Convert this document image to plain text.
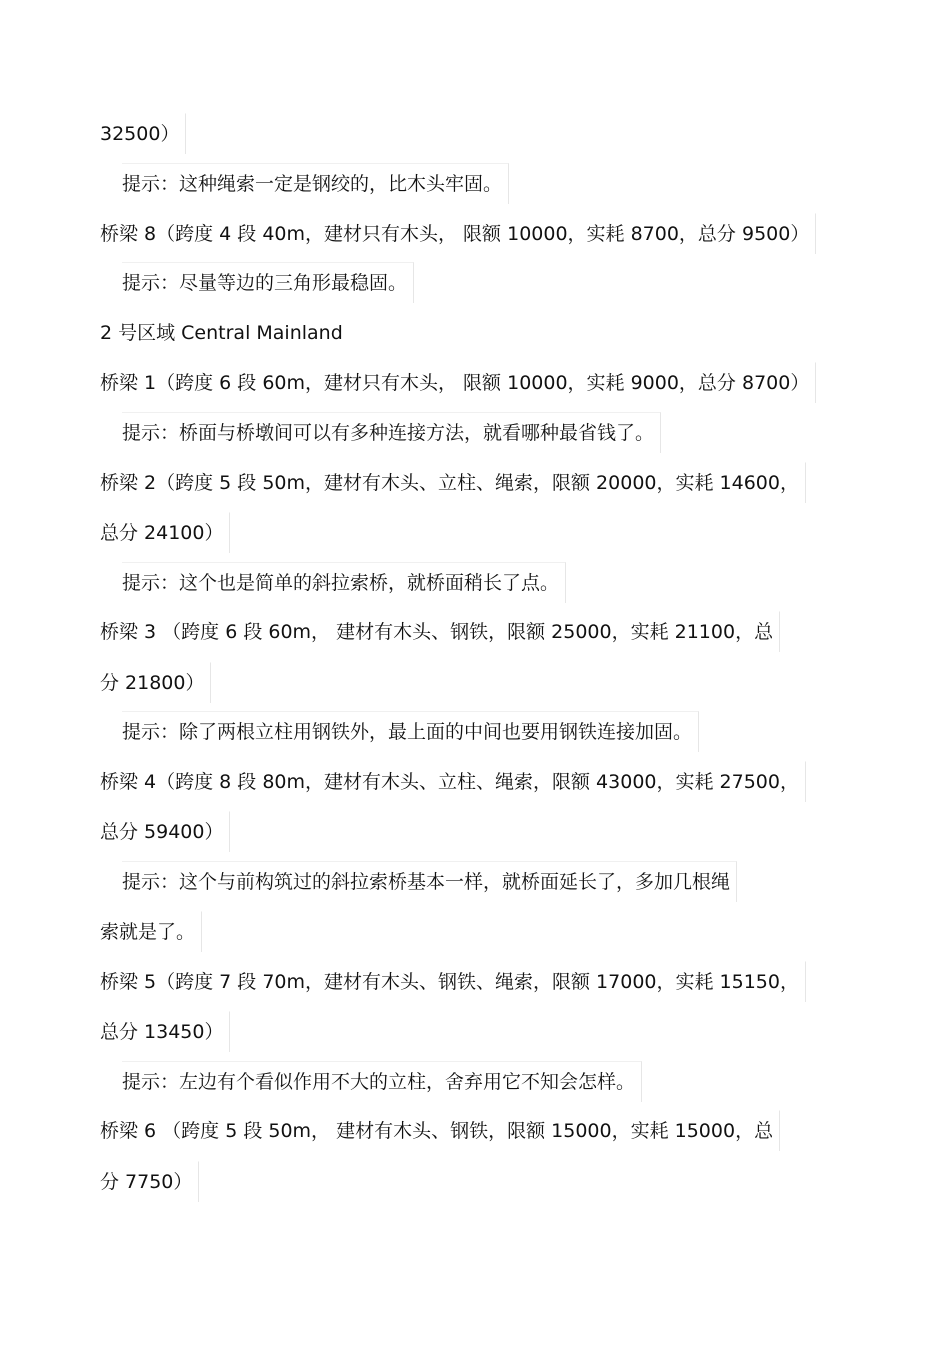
32500）
提示：这种绳索一定是钢绞的，比木头牢固。
桥梁 8（跨度 4 段 40m，建材只有木头， 限额 10000，实耗 8700，总分 9500）
提示：尽量等边的三角形最稳固。
2 号区域 Central Mainland
桥梁 1（跨度 6 段 60m，建材只有木头， 限额 10000，实耗 9000，总分 8700）
提示：桥面与桥墩间可以有多种连接方法，就看哪种最省钱了。
桥梁 2（跨度 5 段 50m，建材有木头、立柱、绳索，限额 20000，实耗 14600，
总分 24100）
提示：这个也是简单的斜拉索桥，就桥面稍长了点。
桥梁 3 （跨度 6 段 60m， 建材有木头、钢铁，限额 25000，实耗 21100，总
分 21800）
提示：除了两根立柱用钢铁外，最上面的中间也要用钢铁连接加固。
桥梁 4（跨度 8 段 80m，建材有木头、立柱、绳索，限额 43000，实耗 27500，
总分 59400）
提示：这个与前构筑过的斜拉索桥基本一样，就桥面延长了，多加几根绳
索就是了。
桥梁 5（跨度 7 段 70m，建材有木头、钢铁、绳索，限额 17000，实耗 15150，
总分 13450）
提示：左边有个看似作用不大的立柱，舍弃用它不知会怎样。
桥梁 6 （跨度 5 段 50m， 建材有木头、钢铁，限额 15000，实耗 15000，总
分 7750）
